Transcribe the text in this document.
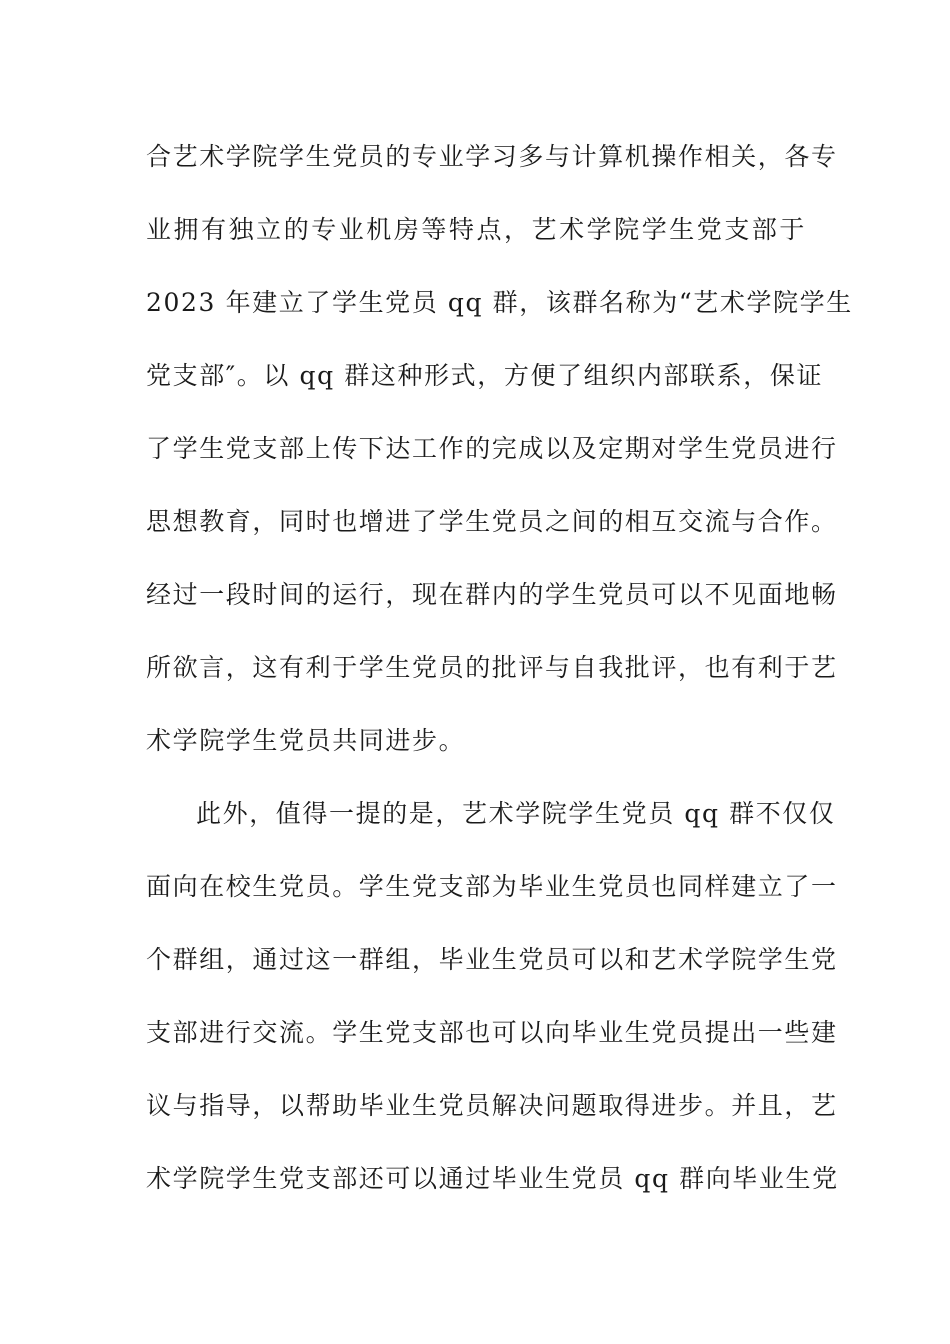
合艺术学院学生党员的专业学习多与计算机操作相关，各专
业拥有独立的专业机房等特点，艺术学院学生党支部于
2023 年建立了学生党员 qq 群，该群名称为“艺术学院学生
党支部″。以 qq 群这种形式，方便了组织内部联系，保证
了学生党支部上传下达工作的完成以及定期对学生党员进行
思想教育，同时也增进了学生党员之间的相互交流与合作。
经过一段时间的运行，现在群内的学生党员可以不见面地畅
所欲言，这有利于学生党员的批评与自我批评，也有利于艺
术学院学生党员共同进步。
此外，值得一提的是，艺术学院学生党员 qq 群不仅仅
面向在校生党员。学生党支部为毕业生党员也同样建立了一
个群组，通过这一群组，毕业生党员可以和艺术学院学生党
支部进行交流。学生党支部也可以向毕业生党员提出一些建
议与指导，以帮助毕业生党员解决问题取得进步。并且，艺
术学院学生党支部还可以通过毕业生党员 qq 群向毕业生党
